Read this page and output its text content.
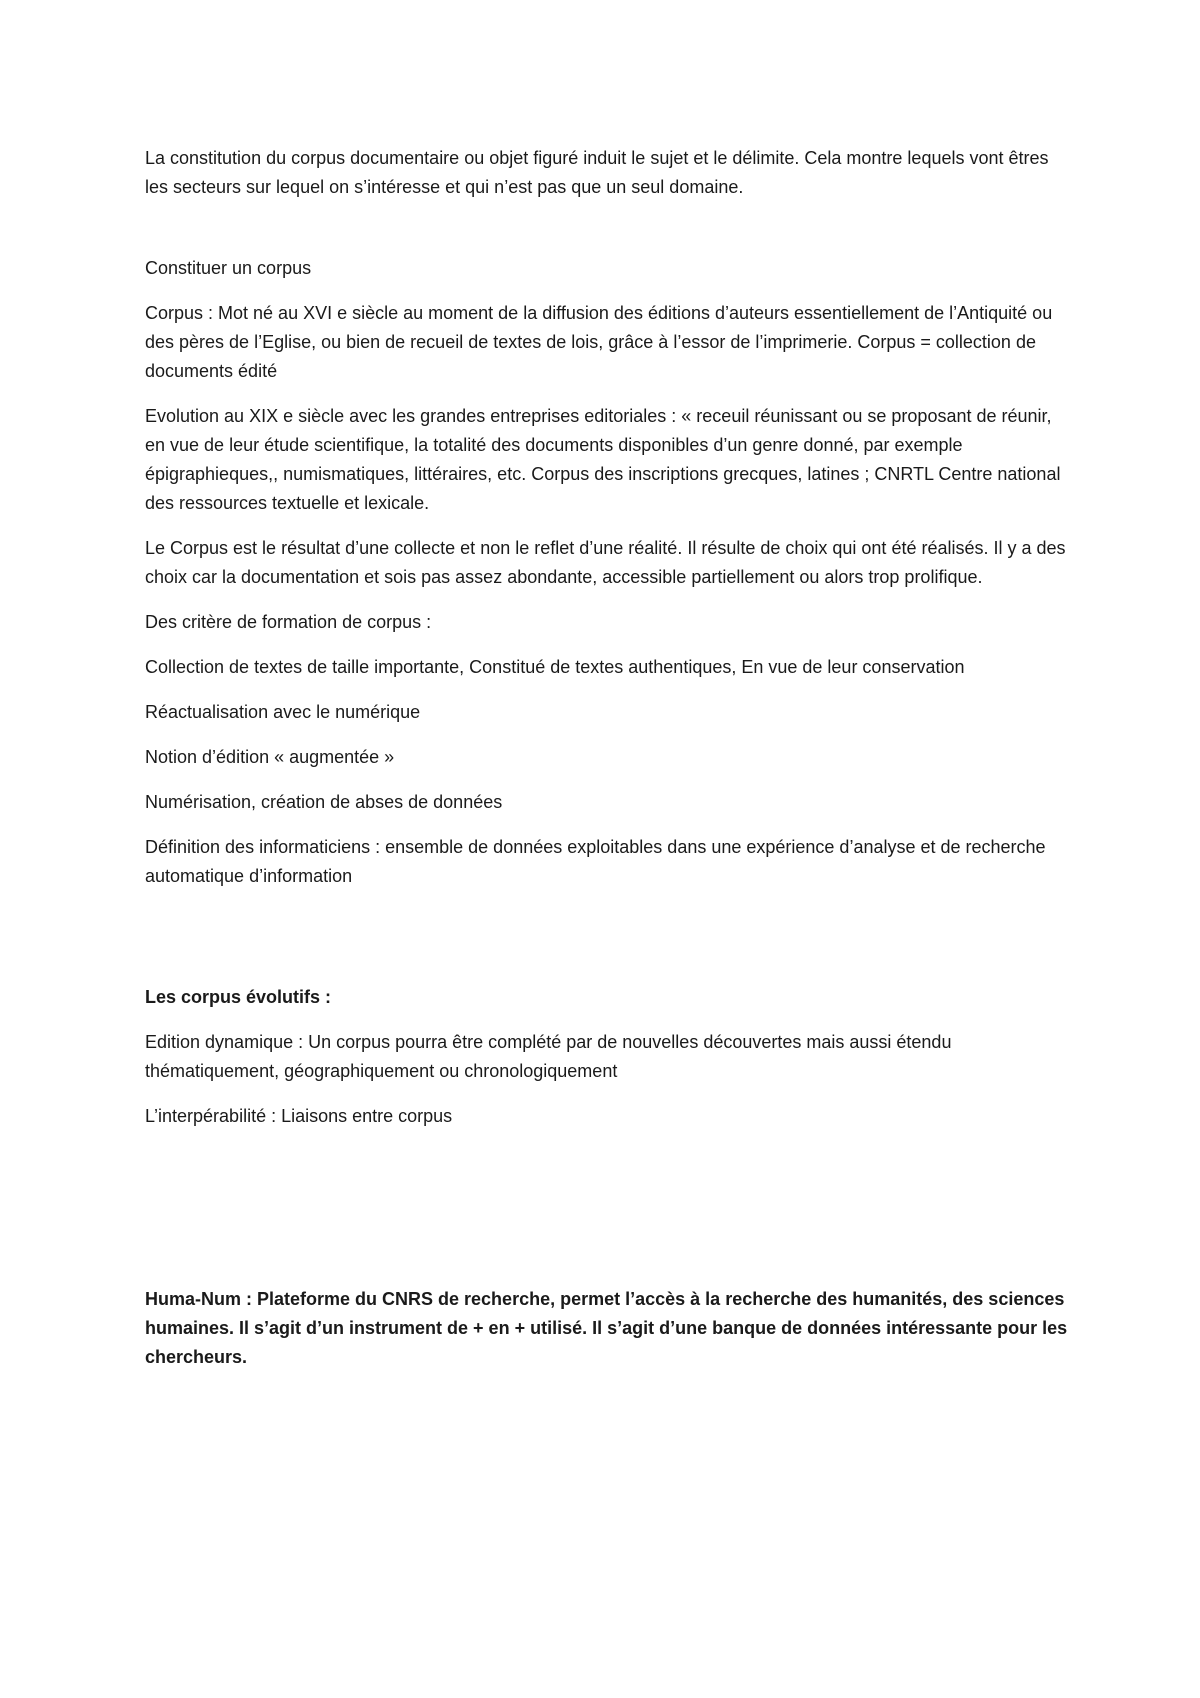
La constitution du corpus documentaire ou objet figuré induit le sujet et le délimite. Cela montre lequels vont êtres les secteurs sur lequel on s’intéresse et qui n’est pas que un seul domaine.

Constituer un corpus

Corpus : Mot né au XVI e siècle au moment de la diffusion des éditions d’auteurs essentiellement de l’Antiquité ou des pères de l’Eglise, ou bien de recueil de textes de lois, grâce à l’essor de l’imprimerie. Corpus = collection de documents édité

Evolution au XIX e siècle avec les grandes entreprises editoriales : « receuil réunissant ou se proposant de réunir, en vue de leur étude scientifique, la totalité des documents disponibles d’un genre donné, par exemple épigraphieques,, numismatiques, littéraires, etc. Corpus des inscriptions grecques, latines ; CNRTL Centre national des ressources textuelle et lexicale.

Le Corpus est le résultat d’une collecte et non le reflet d’une réalité. Il résulte de choix qui ont été réalisés. Il y a des choix car la documentation et sois pas assez abondante, accessible partiellement ou alors trop prolifique.

Des critère de formation de corpus :

Collection de textes de taille importante, Constitué de textes authentiques, En vue de leur conservation

Réactualisation avec le numérique

Notion d’édition « augmentée »

Numérisation, création de abses de données

Définition des informaticiens : ensemble de données exploitables dans une expérience d’analyse et de recherche automatique d’information

Les corpus évolutifs :

Edition dynamique : Un corpus pourra être complété par de nouvelles découvertes mais aussi étendu thématiquement, géographiquement ou chronologiquement

L’interpérabilité : Liaisons entre corpus

Huma-Num : Plateforme du CNRS de recherche, permet l’accès à la recherche des humanités, des sciences humaines. Il s’agit d’un instrument de + en + utilisé. Il s’agit d’une banque de données intéressante pour les chercheurs.
